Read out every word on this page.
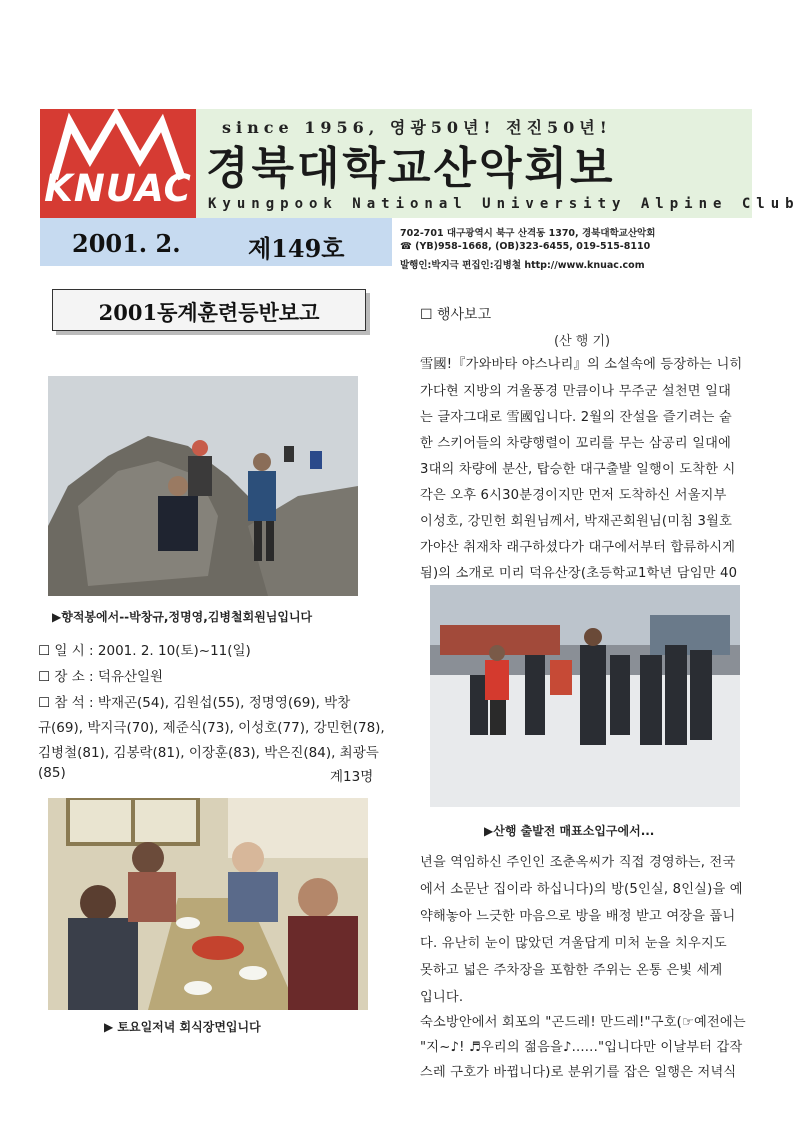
KNUAC
since 1956, 영광50년! 전진50년!
경북대학교산악회보
Kyungpook National University Alpine Club
2001. 2.	제149호
702-701 대구광역시 북구 산격동 1370, 경북대학교산악회
☎ (YB)958-1668, (OB)323-6455, 019-515-8110
발행인:박지극 편집인:김병철 http://www.knuac.com
2001동계훈련등반보고
▶향적봉에서--박창규,정명영,김병철회원님입니다
☐ 일 시 : 2001. 2. 10(토)~11(일)
☐ 장 소 : 덕유산일원
☐ 참 석 : 박재곤(54), 김원섭(55), 정명영(69), 박창
규(69), 박지극(70), 제준식(73), 이성호(77), 강민헌(78),
김병철(81), 김봉락(81), 이장훈(83), 박은진(84), 최광득
(85)	계13명
▶ 토요일저녁 회식장면입니다
☐ 행사보고
(산 행 기)
雪國!『가와바타 야스나리』의 소설속에 등장하는 니히
가다현 지방의 겨울풍경 만큼이나 무주군 설천면 일대
는 글자그대로 雪國입니다. 2월의 잔설을 즐기려는 숱
한 스키어들의 차량행렬이 꼬리를 무는 삼공리 일대에
3대의 차량에 분산, 탑승한 대구출발 일행이 도착한 시
각은 오후 6시30분경이지만 먼저 도착하신 서울지부
이성호, 강민헌 회원님께서, 박재곤회원님(미침 3월호
가야산 취재차 래구하셨다가 대구에서부터 합류하시게
됨)의 소개로 미리 덕유산장(초등학교1학년 담임만 40
▶산행 출발전 매표소입구에서...
년을 역임하신 주인인 조춘옥씨가 직접 경영하는, 전국
에서 소문난 집이라 하십니다)의 방(5인실, 8인실)을 예
약해놓아 느긋한 마음으로 방을 배정 받고 여장을 풉니
다. 유난히 눈이 많았던 겨울답게 미처 눈을 치우지도
못하고 넓은 주차장을 포함한 주위는 온통 은빛 세계
입니다.
숙소방안에서 회포의 "곤드레! 만드레!"구호(☞예전에는
"지~♪! ♬우리의 젊음을♪......"입니다만 이날부터 갑작
스레 구호가 바뀝니다)로 분위기를 잡은 일행은 저녁식
